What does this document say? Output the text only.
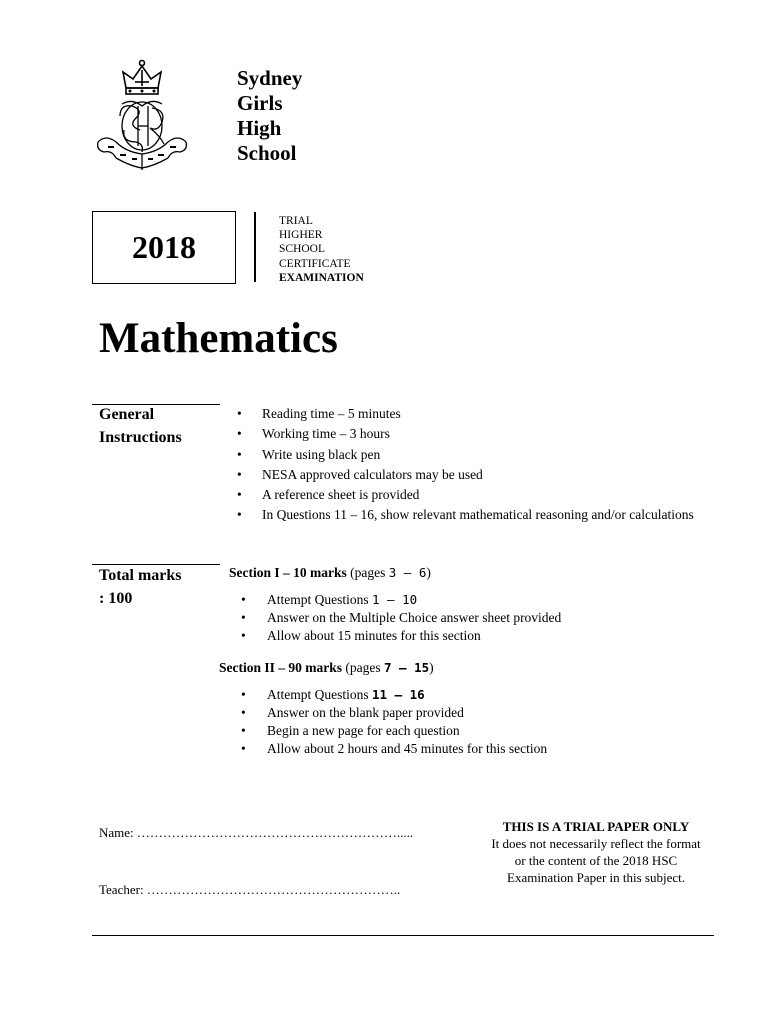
Sydney
Girls
High
School
2018
TRIAL
HIGHER
SCHOOL
CERTIFICATE
EXAMINATION
Mathematics
General
Instructions
• Reading time – 5 minutes
• Working time – 3 hours
• Write using black pen
• NESA approved calculators may be used
• A reference sheet is provided
• In Questions 11 – 16, show relevant mathematical reasoning and/or calculations
Total marks
: 100
Section I – 10 marks (pages 3 – 6)
• Attempt Questions 1 – 10
• Answer on the Multiple Choice answer sheet provided
• Allow about 15 minutes for this section
Section II – 90 marks (pages 7 – 15)
• Attempt Questions 11 – 16
• Answer on the blank paper provided
• Begin a new page for each question
• Allow about 2 hours and 45 minutes for this section
Name: …………………………………………………….....
Teacher: …………………………………………………..
THIS IS A TRIAL PAPER ONLY
It does not necessarily reflect the format or the content of the 2018 HSC Examination Paper in this subject.
